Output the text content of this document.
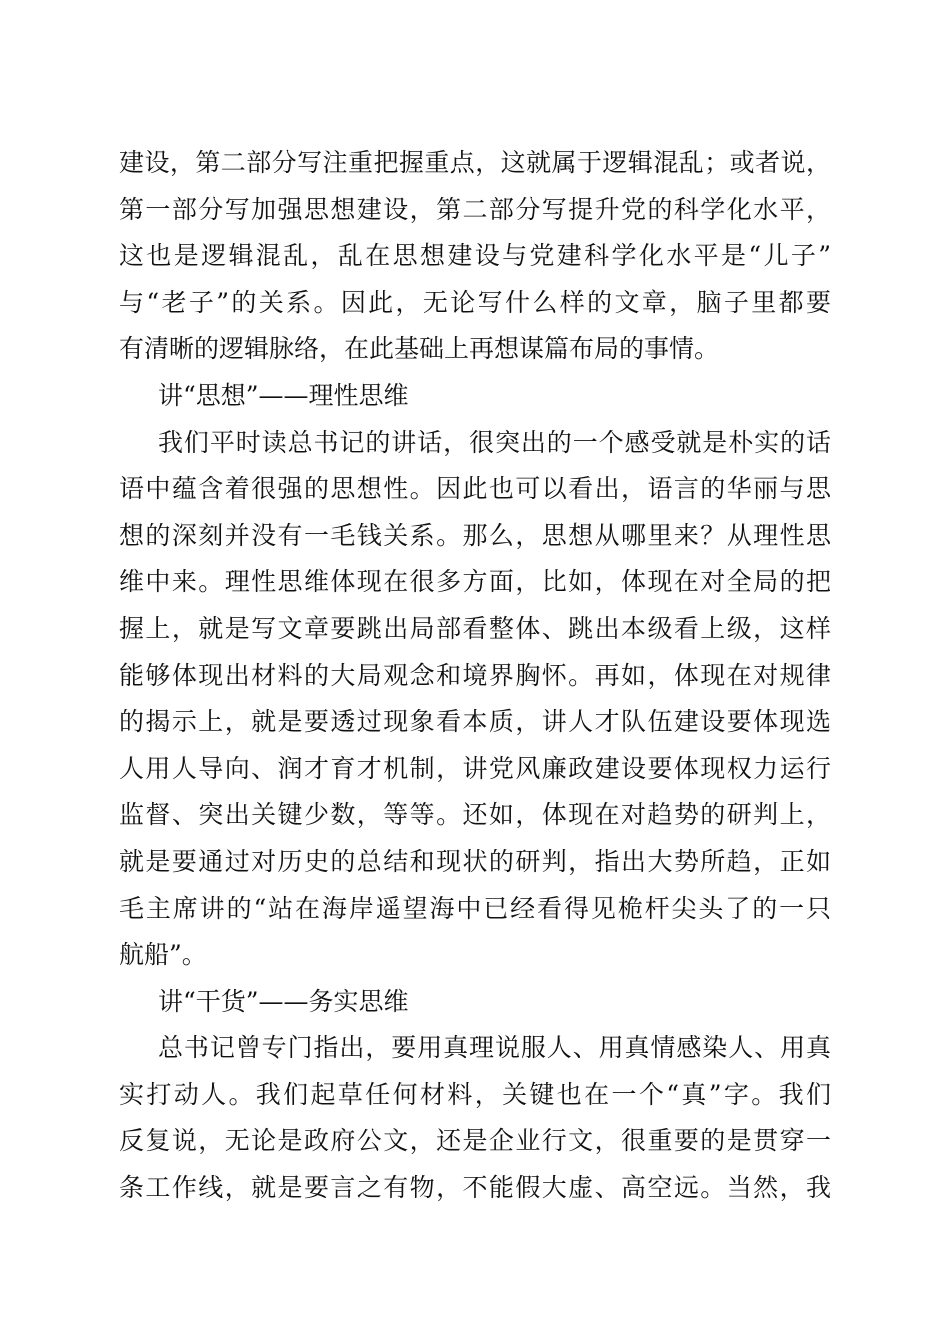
建设，第二部分写注重把握重点，这就属于逻辑混乱；或者说，
第一部分写加强思想建设，第二部分写提升党的科学化水平，
这也是逻辑混乱，乱在思想建设与党建科学化水平是“儿子”
与“老子”的关系。因此，无论写什么样的文章，脑子里都要
有清晰的逻辑脉络，在此基础上再想谋篇布局的事情。
讲“思想”——理性思维
我们平时读总书记的讲话，很突出的一个感受就是朴实的话
语中蕴含着很强的思想性。因此也可以看出，语言的华丽与思
想的深刻并没有一毛钱关系。那么，思想从哪里来？从理性思
维中来。理性思维体现在很多方面，比如，体现在对全局的把
握上，就是写文章要跳出局部看整体、跳出本级看上级，这样
能够体现出材料的大局观念和境界胸怀。再如，体现在对规律
的揭示上，就是要透过现象看本质，讲人才队伍建设要体现选
人用人导向、润才育才机制，讲党风廉政建设要体现权力运行
监督、突出关键少数，等等。还如，体现在对趋势的研判上，
就是要通过对历史的总结和现状的研判，指出大势所趋，正如
毛主席讲的“站在海岸遥望海中已经看得见桅杆尖头了的一只
航船”。
讲“干货”——务实思维
总书记曾专门指出，要用真理说服人、用真情感染人、用真
实打动人。我们起草任何材料，关键也在一个“真”字。我们
反复说，无论是政府公文，还是企业行文，很重要的是贯穿一
条工作线，就是要言之有物，不能假大虚、高空远。当然，我
